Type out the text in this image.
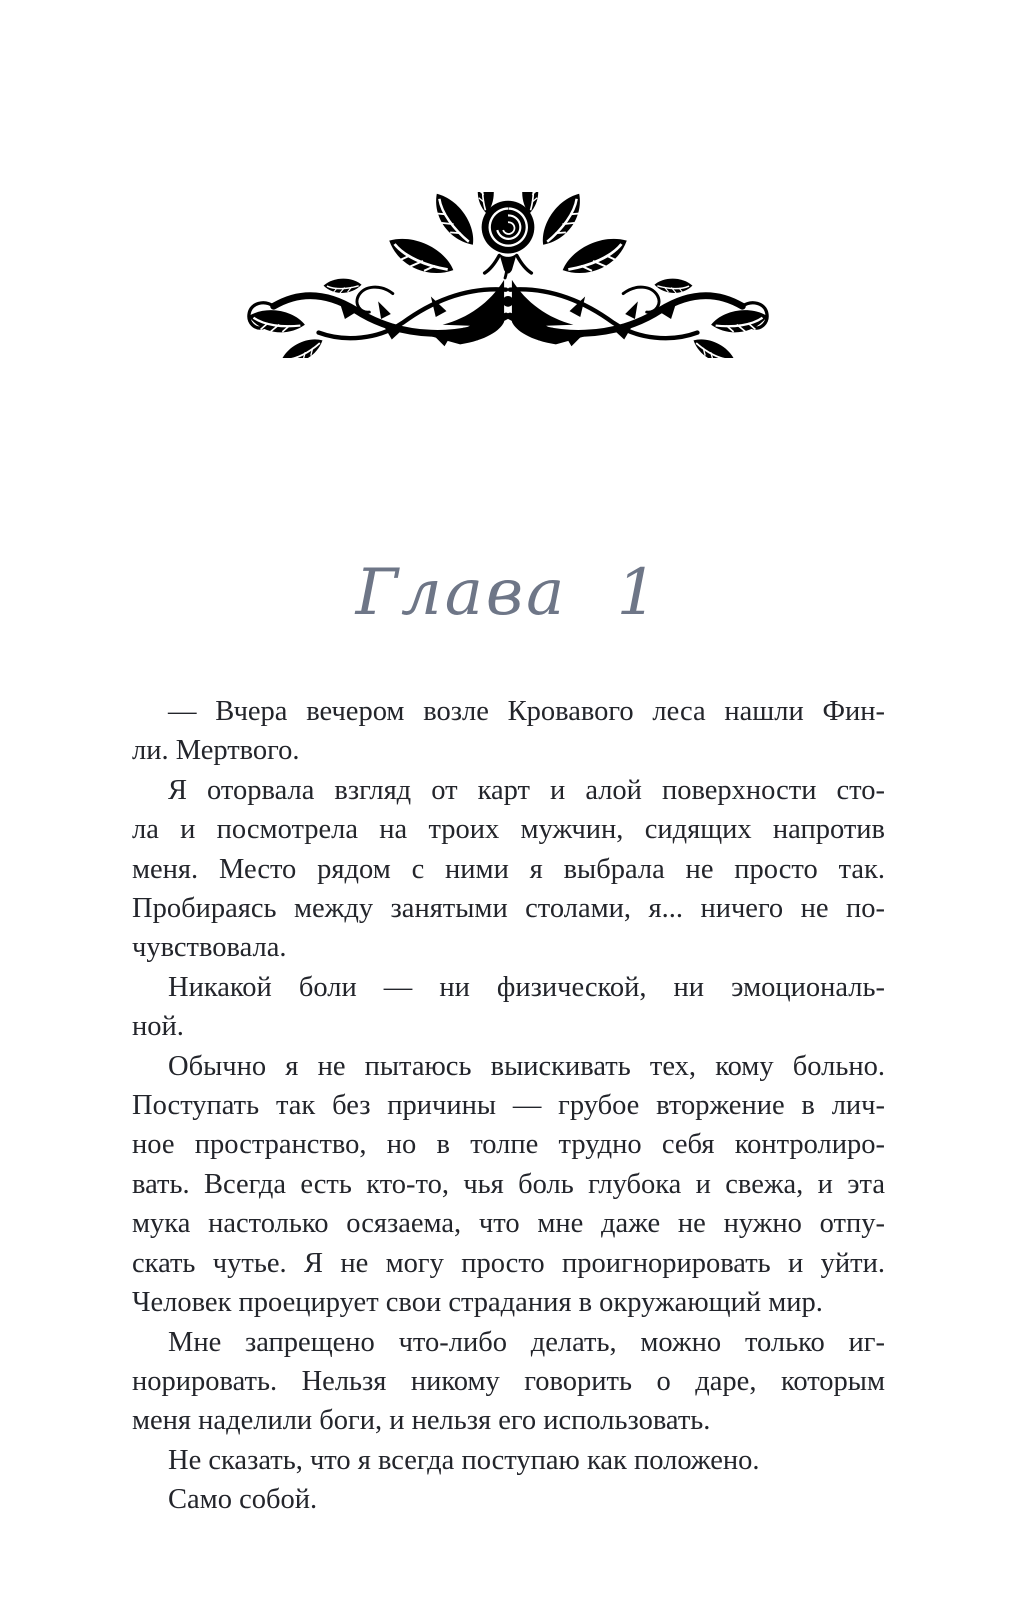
Глава 1
— Вчера вечером возле Кровавого леса нашли Фин-
ли. Мертвого.
Я оторвала взгляд от карт и алой поверхности сто-
ла и посмотрела на троих мужчин, сидящих напротив
меня. Место рядом с ними я выбрала не просто так.
Пробираясь между занятыми столами, я... ничего не по-
чувствовала.
Никакой боли — ни физической, ни эмоциональ-
ной.
Обычно я не пытаюсь выискивать тех, кому больно.
Поступать так без причины — грубое вторжение в лич-
ное пространство, но в толпе трудно себя контролиро-
вать. Всегда есть кто-то, чья боль глубока и свежа, и эта
мука настолько осязаема, что мне даже не нужно отпу-
скать чутье. Я не могу просто проигнорировать и уйти.
Человек проецирует свои страдания в окружающий мир.
Мне запрещено что-либо делать, можно только иг-
норировать. Нельзя никому говорить о даре, которым
меня наделили боги, и нельзя его использовать.
Не сказать, что я всегда поступаю как положено.
Само собой.
